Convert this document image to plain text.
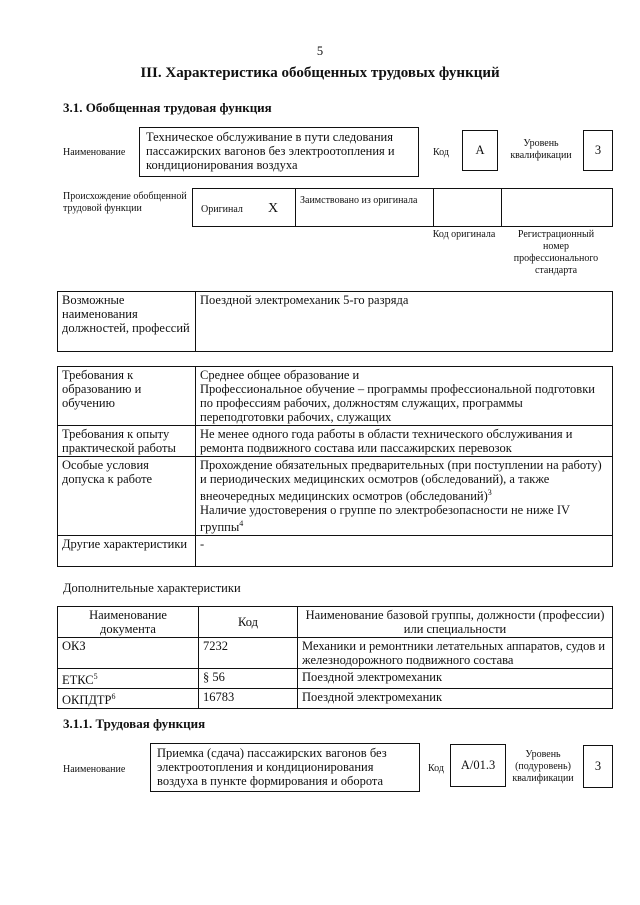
5
III. Характеристика обобщенных трудовых функций
3.1. Обобщенная трудовая функция
Наименование
Техническое обслуживание в пути следования пассажирских вагонов без электроотопления и кондиционирования воздуха
Код	А	Уровень квалификации	3
Происхождение обобщенной трудовой функции	Оригинал X
Заимствовано из оригинала
Код оригинала	Регистрационный номер профессионального стандарта
Возможные наименования должностей, профессий	Поездной электромеханик 5-го разряда
Требования к образованию и обучению	Среднее общее образование и
Профессиональное обучение – программы профессиональной подготовки по профессиям рабочих, должностям служащих, программы переподготовки рабочих, служащих
Требования к опыту практической работы	Не менее одного года работы в области технического обслуживания и ремонта подвижного состава или пассажирских перевозок
Особые условия допуска к работе	Прохождение обязательных предварительных (при поступлении на работу) и периодических медицинских осмотров (обследований), а также внеочередных медицинских осмотров (обследований)$^3$
Наличие удостоверения о группе по электробезопасности не ниже IV группы$^4$
Другие характеристики	-
Дополнительные характеристики
Наименование документа	Код	Наименование базовой группы, должности (профессии) или специальности
ОКЗ	7232	Механики и ремонтники летательных аппаратов, судов и железнодорожного подвижного состава
ЕТКС$^5$	§ 56	Поездной электромеханик
ОКПДТР$^6$	16783	Поездной электромеханик
3.1.1. Трудовая функция
Наименование
Приемка (сдача) пассажирских вагонов без электроотопления и кондиционирования воздуха в пункте формирования и оборота
Код	A/01.3
Уровень (подуровень) квалификации
3
